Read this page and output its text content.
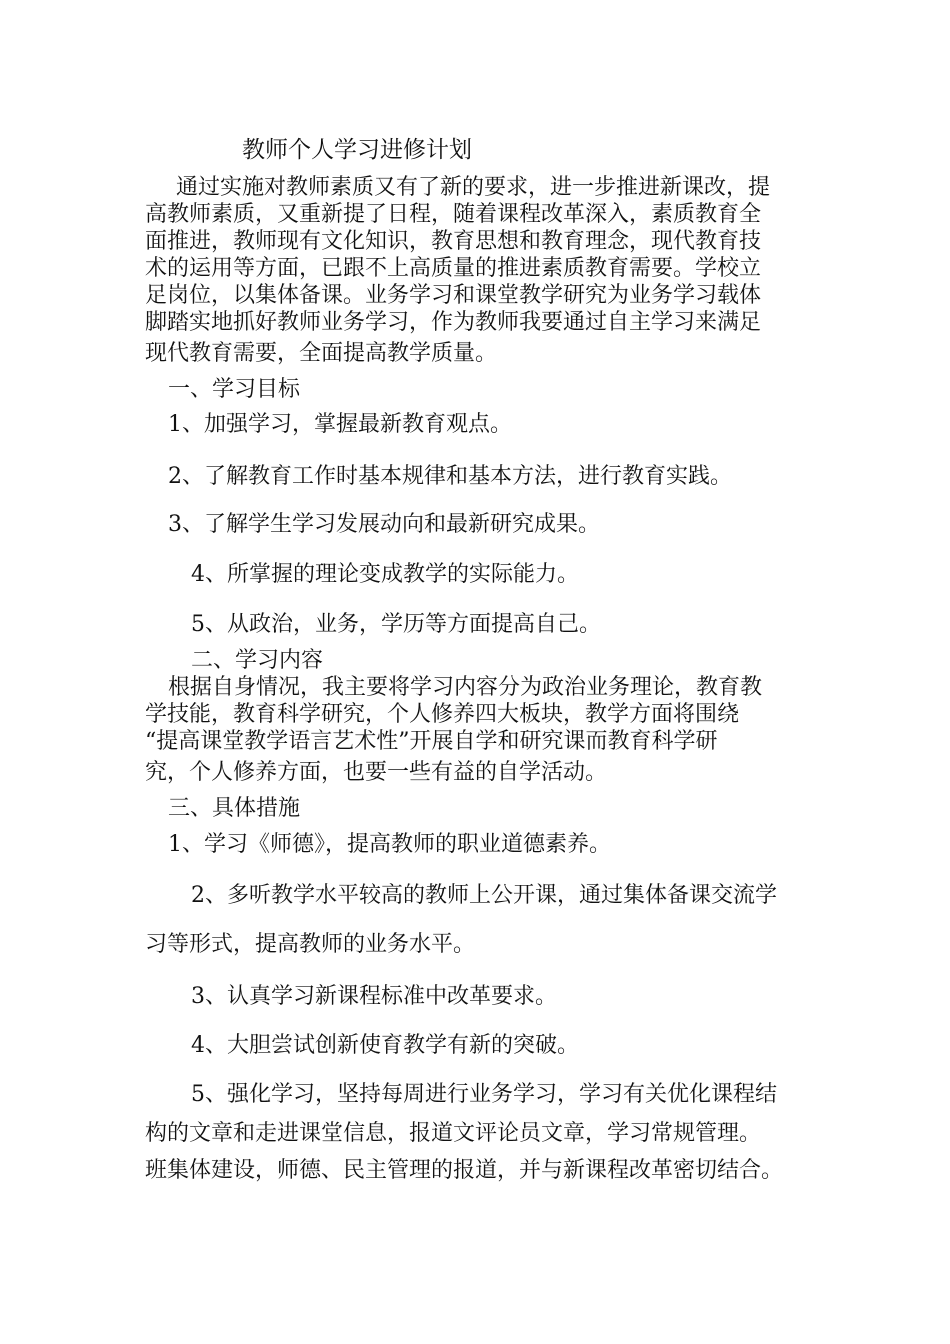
教师个人学习进修计划

通过实施对教师素质又有了新的要求，进一步推进新课改，提

高教师素质，又重新提了日程，随着课程改革深入，素质教育全

面推进，教师现有文化知识，教育思想和教育理念，现代教育技

术的运用等方面，已跟不上高质量的推进素质教育需要。学校立

足岗位，以集体备课。业务学习和课堂教学研究为业务学习载体

脚踏实地抓好教师业务学习，作为教师我要通过自主学习来满足

现代教育需要，全面提高教学质量。

一、学习目标

1、加强学习，掌握最新教育观点。

2、了解教育工作时基本规律和基本方法，进行教育实践。

3、了解学生学习发展动向和最新研究成果。

4、所掌握的理论变成教学的实际能力。

5、从政治，业务，学历等方面提高自己。

二、学习内容

根据自身情况，我主要将学习内容分为政治业务理论，教育教

学技能，教育科学研究，个人修养四大板块，教学方面将围绕

“提高课堂教学语言艺术性”开展自学和研究课而教育科学研

究，个人修养方面，也要一些有益的自学活动。

三、具体措施

1、学习《师德》，提高教师的职业道德素养。

2、多听教学水平较高的教师上公开课，通过集体备课交流学

习等形式，提高教师的业务水平。

3、认真学习新课程标准中改革要求。

4、大胆尝试创新使育教学有新的突破。

5、强化学习，坚持每周进行业务学习，学习有关优化课程结

构的文章和走进课堂信息，报道文评论员文章，学习常规管理。

班集体建设，师德、民主管理的报道，并与新课程改革密切结合。
